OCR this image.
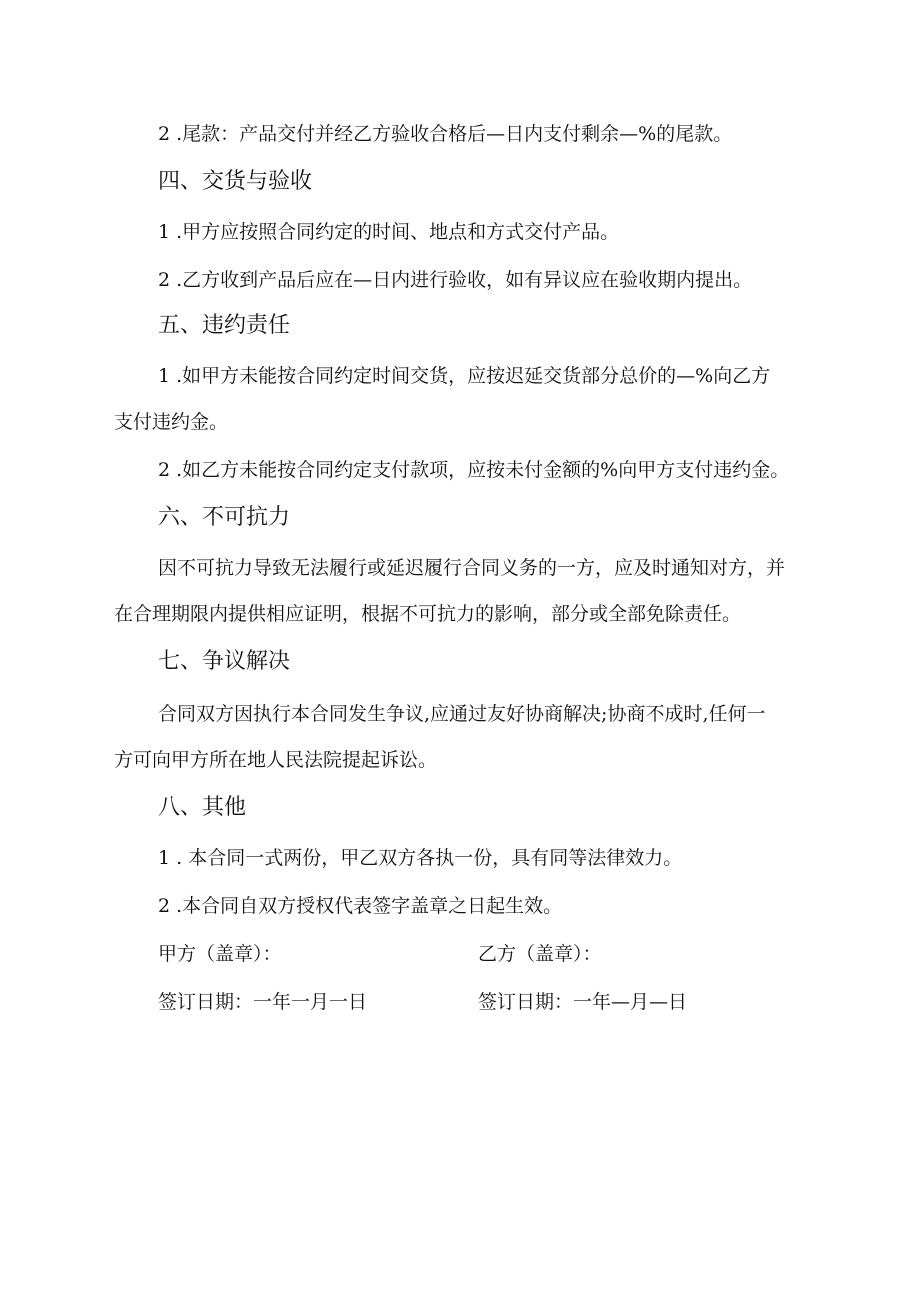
2 .尾款：产品交付并经乙方验收合格后—日内支付剩余—%的尾款。
四、交货与验收
1 .甲方应按照合同约定的时间、地点和方式交付产品。
2 .乙方收到产品后应在—日内进行验收，如有异议应在验收期内提出。
五、违约责任
1 .如甲方未能按合同约定时间交货，应按迟延交货部分总价的—%向乙方
支付违约金。
2 .如乙方未能按合同约定支付款项，应按未付金额的%向甲方支付违约金。
六、不可抗力
因不可抗力导致无法履行或延迟履行合同义务的一方，应及时通知对方，并
在合理期限内提供相应证明，根据不可抗力的影响，部分或全部免除责任。
七、争议解决
合同双方因执行本合同发生争议,应通过友好协商解决;协商不成时,任何一
方可向甲方所在地人民法院提起诉讼。
八、其他
1 . 本合同一式两份，甲乙双方各执一份，具有同等法律效力。
2 .本合同自双方授权代表签字盖章之日起生效。
甲方（盖章）：	乙方（盖章）：
签订日期：一年一月一日	签订日期：一年—月—日
